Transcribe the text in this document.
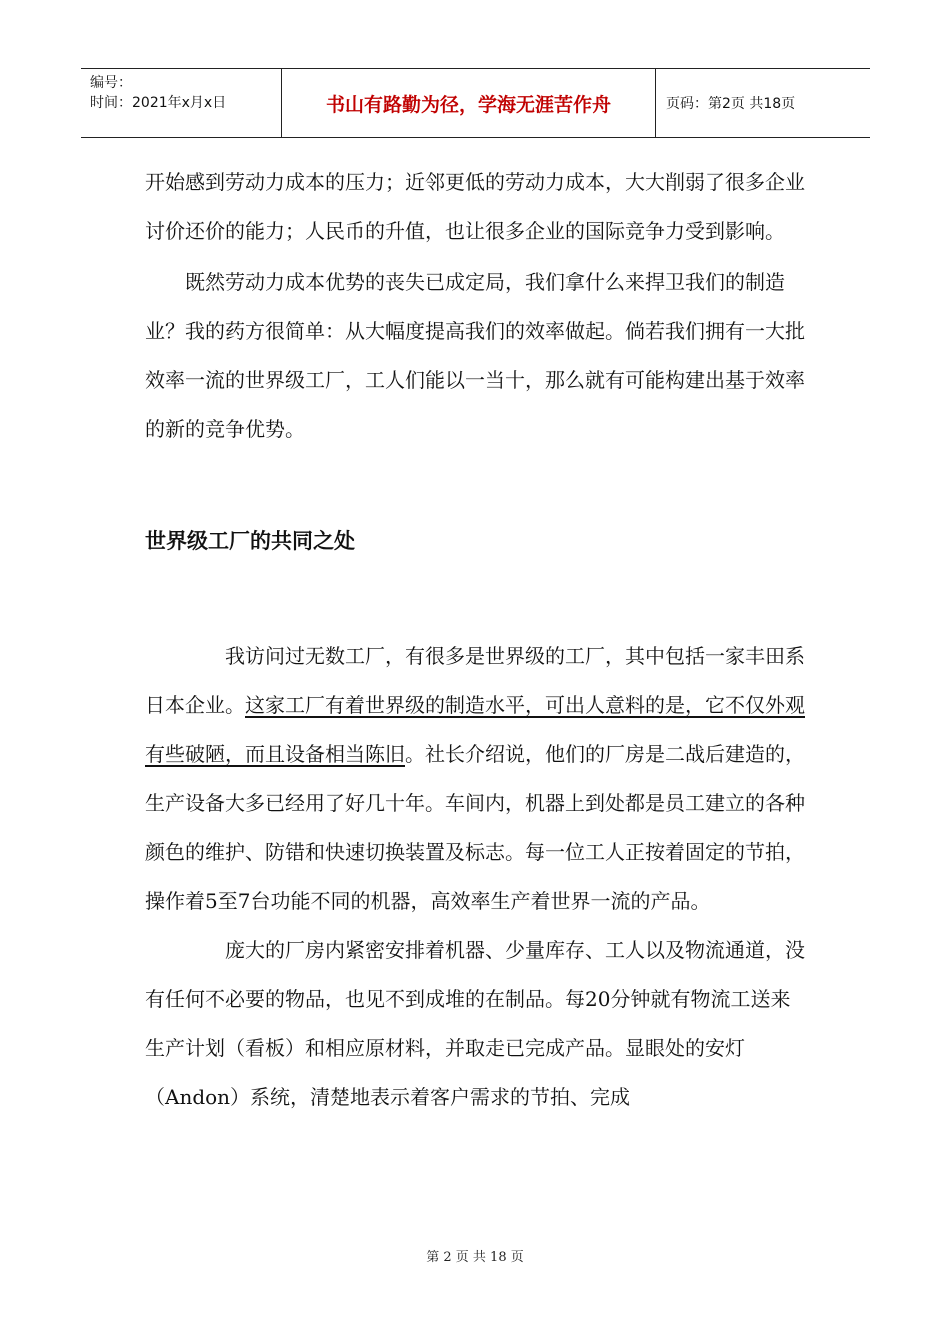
编号：
时间：2021年x月x日	书山有路勤为径，学海无涯苦作舟	页码：第2页 共18页

开始感到劳动力成本的压力；近邻更低的劳动力成本，大大削弱了很多企业讨价还价的能力；人民币的升值，也让很多企业的国际竞争力受到影响。

既然劳动力成本优势的丧失已成定局，我们拿什么来捍卫我们的制造业？我的药方很简单：从大幅度提高我们的效率做起。倘若我们拥有一大批效率一流的世界级工厂，工人们能以一当十，那么就有可能构建出基于效率的新的竞争优势。

世界级工厂的共同之处

我访问过无数工厂，有很多是世界级的工厂，其中包括一家丰田系日本企业。这家工厂有着世界级的制造水平，可出人意料的是，它不仅外观有些破陋，而且设备相当陈旧。社长介绍说，他们的厂房是二战后建造的，生产设备大多已经用了好几十年。车间内，机器上到处都是员工建立的各种颜色的维护、防错和快速切换装置及标志。每一位工人正按着固定的节拍，操作着5至7台功能不同的机器，高效率生产着世界一流的产品。

庞大的厂房内紧密安排着机器、少量库存、工人以及物流通道，没有任何不必要的物品，也见不到成堆的在制品。每20分钟就有物流工送来生产计划（看板）和相应原材料，并取走已完成产品。显眼处的安灯（Andon）系统，清楚地表示着客户需求的节拍、完成

第 2 页 共 18 页
